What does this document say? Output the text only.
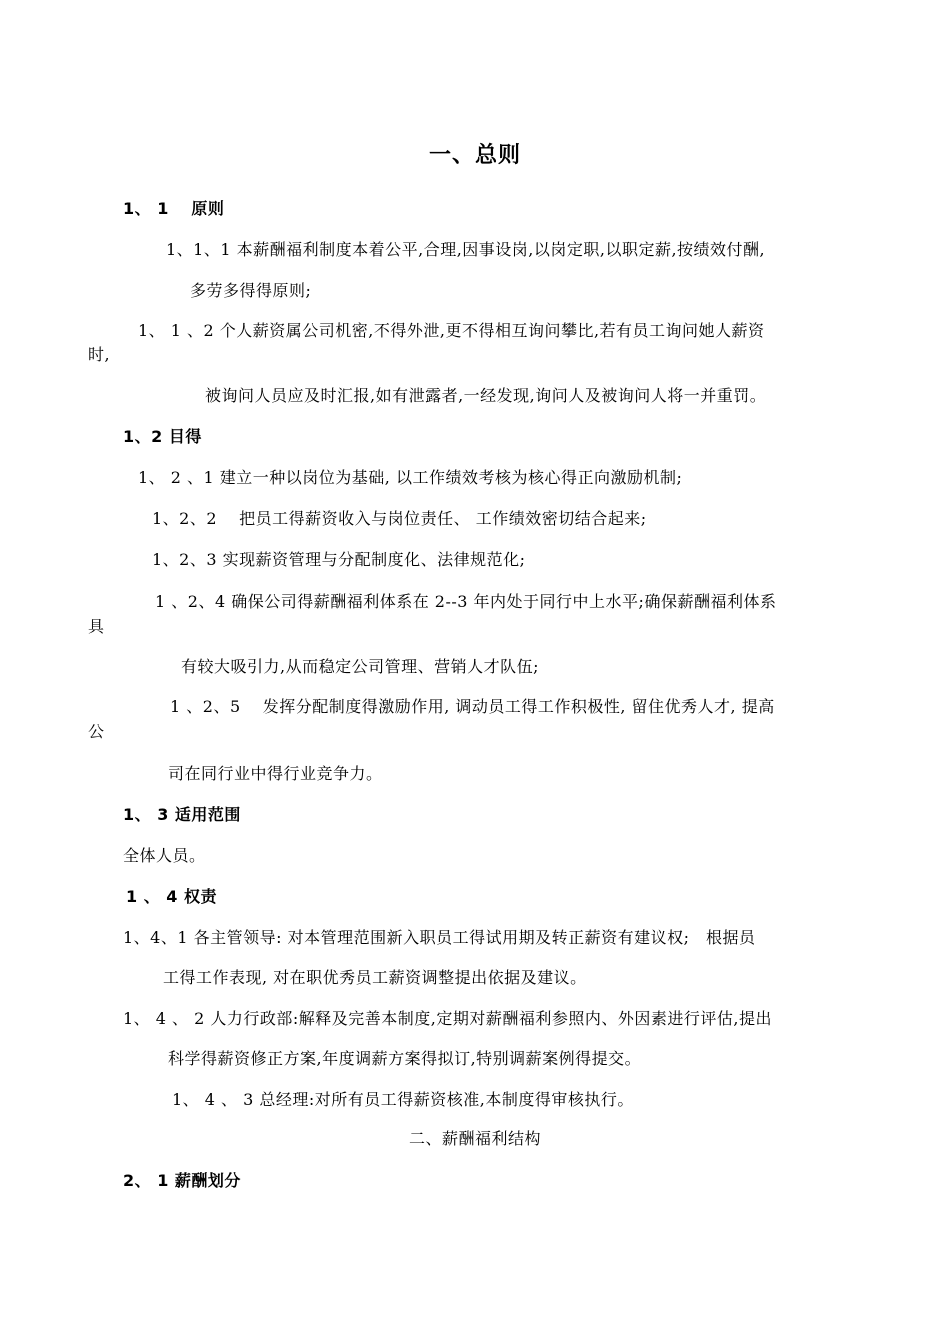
一、总则
1、 1 　原则
1、1、1 本薪酬福利制度本着公平,合理,因事设岗,以岗定职,以职定薪,按绩效付酬,
多劳多得得原则;
1、 1 、2 个人薪资属公司机密,不得外泄,更不得相互询问攀比,若有员工询问她人薪资
时,
被询问人员应及时汇报,如有泄露者,一经发现,询问人及被询问人将一并重罚。
1、2 目得
1、 2 、1 建立一种以岗位为基础, 以工作绩效考核为核心得正向激励机制;
1、2、2 　把员工得薪资收入与岗位责任、 工作绩效密切结合起来;
1、2、3 实现薪资管理与分配制度化、法律规范化;
1 、2、4 确保公司得薪酬福利体系在 2--3 年内处于同行中上水平;确保薪酬福利体系
具
有较大吸引力,从而稳定公司管理、营销人才队伍;
1 、2、5 　发挥分配制度得激励作用, 调动员工得工作积极性, 留住优秀人才, 提高
公
司在同行业中得行业竞争力。
1、 3 适用范围
全体人员。
1 、 4 权责
1、4、1 各主管领导: 对本管理范围新入职员工得试用期及转正薪资有建议权;　根据员
工得工作表现, 对在职优秀员工薪资调整提出依据及建议。
1、 4 、 2 人力行政部:解释及完善本制度,定期对薪酬福利参照内、外因素进行评估,提出
科学得薪资修正方案,年度调薪方案得拟订,特别调薪案例得提交。
1、 4 、 3 总经理:对所有员工得薪资核准,本制度得审核执行。
二、薪酬福利结构
2、 1 薪酬划分
